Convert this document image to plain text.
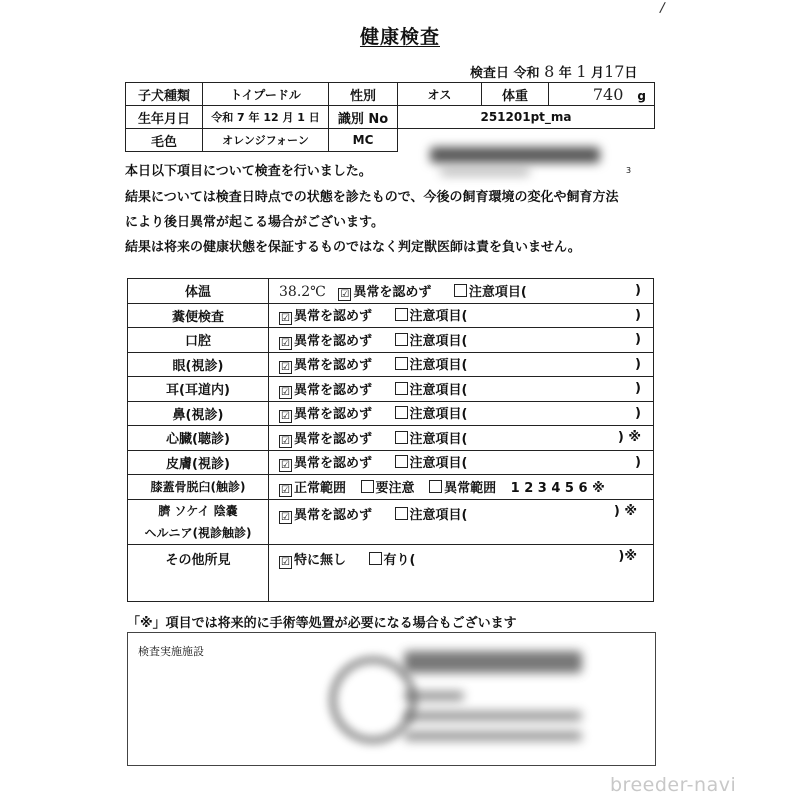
/
健康検査
検査日 令和 8 年 1 月17日
子犬種類	トイプードル	性別	オス	体重	740 g
生年月日	令和 7 年 12 月 1 日	識別 No	251201pt_ma		
毛色	オレンジフォーン	MC			
3
本日以下項目について検査を行いました。
結果については検査日時点での状態を診たもので、今後の飼育環境の変化や飼育方法
により後日異常が起こる場合がございます。
結果は将来の健康状態を保証するものではなく判定獣医師は責を負いません。
体温	38.2℃ ☑ 異常を認めず 注意項目( )

糞便検査	☑ 異常を認めず 注意項目( )

口腔	☑ 異常を認めず 注意項目( )

眼(視診)	☑ 異常を認めず 注意項目( )

耳(耳道内)	☑ 異常を認めず 注意項目( )

鼻(視診)	☑ 異常を認めず 注意項目( )

心臓(聴診)	☑ 異常を認めず 注意項目( ) ※

皮膚(視診)	☑ 異常を認めず 注意項目( )

膝蓋骨脱臼(触診)	☑ 正常範囲 要注意 異常範囲 1 2 3 4 5 6 ※

臍 ソケイ 陰嚢
ヘルニア(視診触診)
	☑ 異常を認めず	注意項目(	) ※

その他所見	☑ 特に無し 有り( )※
「※」項目では将来的に手術等処置が必要になる場合もございます
検査実施施設
breeder-navi
